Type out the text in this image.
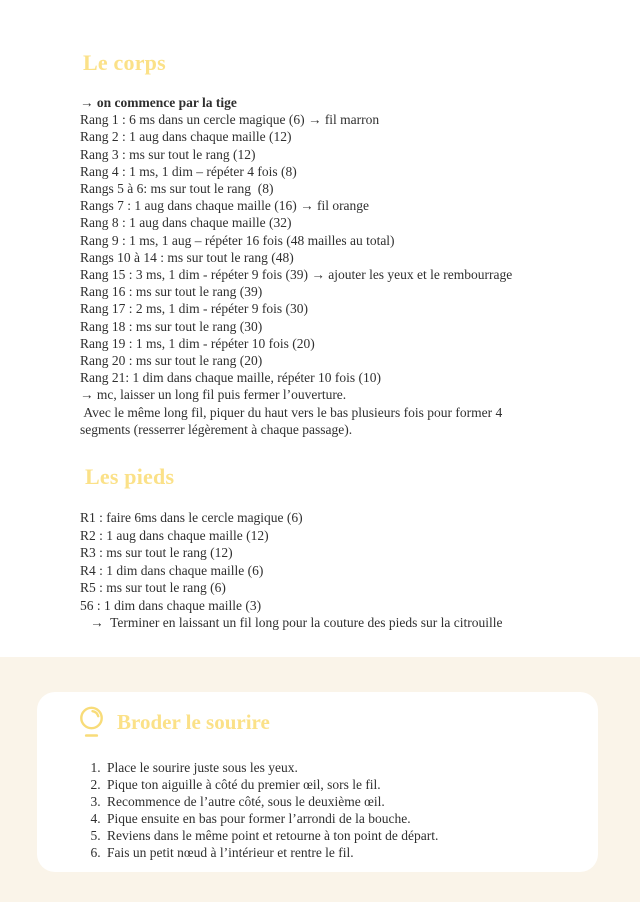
Le corps
→ on commence par la tige
Rang 1 : 6 ms dans un cercle magique (6) → fil marron
Rang 2 : 1 aug dans chaque maille (12)
Rang 3 : ms sur tout le rang (12)
Rang 4 : 1 ms, 1 dim – répéter 4 fois (8)
Rangs 5 à 6: ms sur tout le rang  (8)
Rangs 7 : 1 aug dans chaque maille (16) → fil orange
Rang 8 : 1 aug dans chaque maille (32)
Rang 9 : 1 ms, 1 aug – répéter 16 fois (48 mailles au total)
Rangs 10 à 14 : ms sur tout le rang (48)
Rang 15 : 3 ms, 1 dim - répéter 9 fois (39) → ajouter les yeux et le rembourrage
Rang 16 : ms sur tout le rang (39)
Rang 17 : 2 ms, 1 dim - répéter 9 fois (30)
Rang 18 : ms sur tout le rang (30)
Rang 19 : 1 ms, 1 dim - répéter 10 fois (20)
Rang 20 : ms sur tout le rang (20)
Rang 21: 1 dim dans chaque maille, répéter 10 fois (10)
→ mc, laisser un long fil puis fermer l’ouverture.
Avec le même long fil, piquer du haut vers le bas plusieurs fois pour former 4 segments (resserrer légèrement à chaque passage).
Les pieds
R1 : faire 6ms dans le cercle magique (6)
R2 : 1 aug dans chaque maille (12)
R3 : ms sur tout le rang (12)
R4 : 1 dim dans chaque maille (6)
R5 : ms sur tout le rang (6)
56 : 1 dim dans chaque maille (3)
→  Terminer en laissant un fil long pour la couture des pieds sur la citrouille
Broder le sourire
1. Place le sourire juste sous les yeux.
2. Pique ton aiguille à côté du premier œil, sors le fil.
3. Recommence de l’autre côté, sous le deuxième œil.
4. Pique ensuite en bas pour former l’arrondi de la bouche.
5. Reviens dans le même point et retourne à ton point de départ.
6. Fais un petit nœud à l’intérieur et rentre le fil.
